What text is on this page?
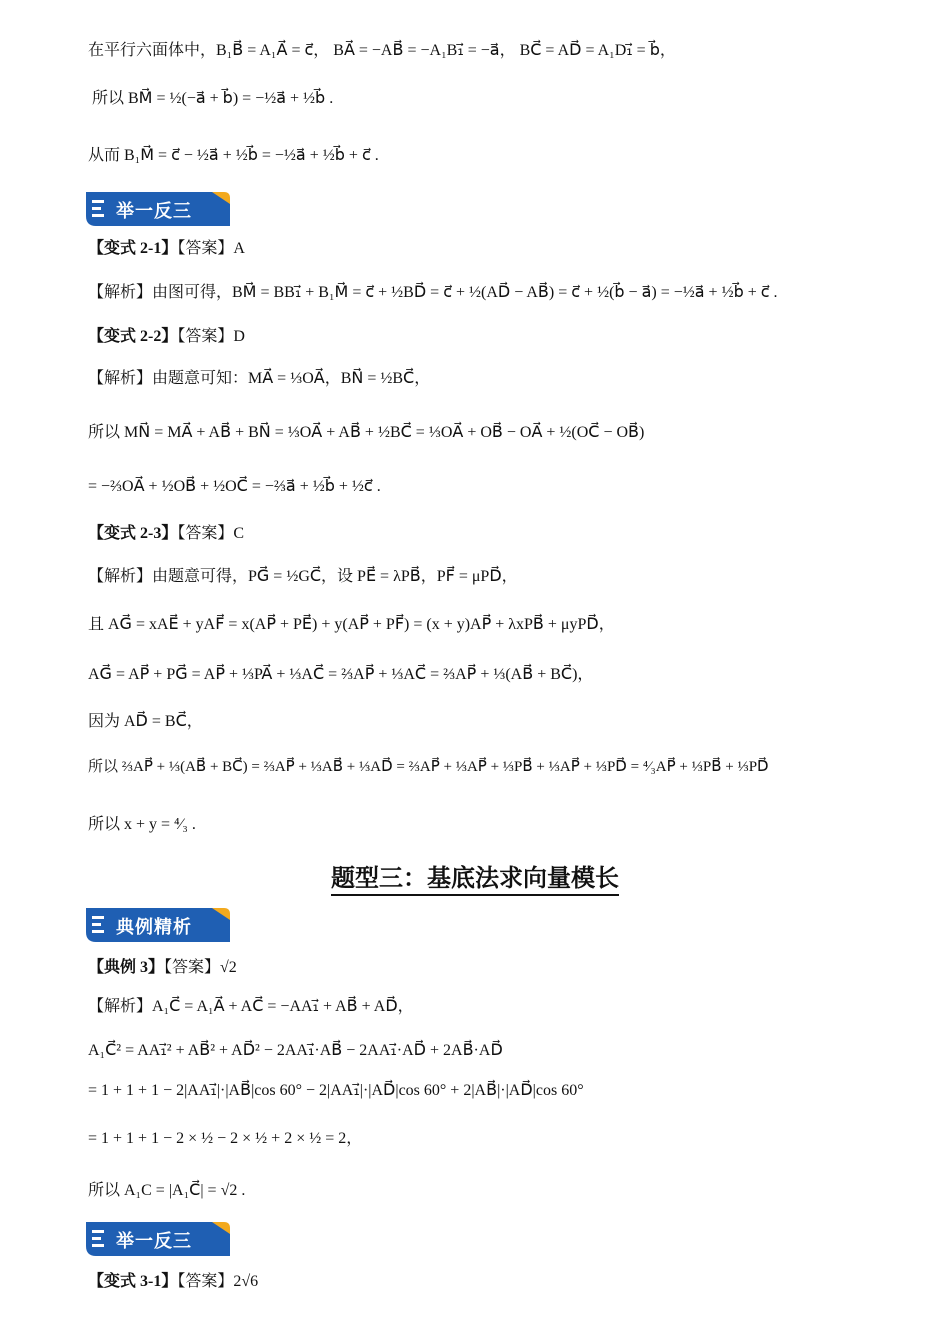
在平行六面体中，B₁B⃗ = A₁A⃗ = c⃗， BA⃗ = −AB⃗ = −A₁B₁⃗ = −a⃗， BC⃗ = AD⃗ = A₁D₁⃗ = b⃗，
所以 BM⃗ = ½(−a⃗ + b⃗) = −½a⃗ + ½b⃗ .
从而 B₁M⃗ = c⃗ − ½a⃗ + ½b⃗ = −½a⃗ + ½b⃗ + c⃗ .
举一反三
【变式 2-1】【答案】A
【解析】由图可得，BM⃗ = BB₁⃗ + B₁M⃗ = c⃗ + ½BD⃗ = c⃗ + ½(AD⃗ − AB⃗) = c⃗ + ½(b⃗ − a⃗) = −½a⃗ + ½b⃗ + c⃗ .
【变式 2-2】【答案】D
【解析】由题意可知：MA⃗ = ⅓OA⃗，BN⃗ = ½BC⃗，
所以 MN⃗ = MA⃗ + AB⃗ + BN⃗ = ⅓OA⃗ + AB⃗ + ½BC⃗ = ⅓OA⃗ + OB⃗ − OA⃗ + ½(OC⃗ − OB⃗)
= −⅔OA⃗ + ½OB⃗ + ½OC⃗ = −⅔a⃗ + ½b⃗ + ½c⃗ .
【变式 2-3】【答案】C
【解析】由题意可得，PG⃗ = ½GC⃗，设 PE⃗ = λPB⃗，PF⃗ = μPD⃗，
且 AG⃗ = xAE⃗ + yAF⃗ = x(AP⃗ + PE⃗) + y(AP⃗ + PF⃗) = (x + y)AP⃗ + λxPB⃗ + μyPD⃗，
AG⃗ = AP⃗ + PG⃗ = AP⃗ + ⅓PA⃗ + ⅓AC⃗ = ⅔AP⃗ + ⅓AC⃗ = ⅔AP⃗ + ⅓(AB⃗ + BC⃗)，
因为 AD⃗ = BC⃗，
所以 ⅔AP⃗ + ⅓(AB⃗ + BC⃗) = ⅔AP⃗ + ⅓AB⃗ + ⅓AD⃗ = ⅔AP⃗ + ⅓AP⃗ + ⅓PB⃗ + ⅓AP⃗ + ⅓PD⃗ = ⁴⁄₃AP⃗ + ⅓PB⃗ + ⅓PD⃗
所以 x + y = ⁴⁄₃ .
题型三：基底法求向量模长
典例精析
【典例 3】【答案】√2
【解析】A₁C⃗ = A₁A⃗ + AC⃗ = −AA₁⃗ + AB⃗ + AD⃗，
A₁C⃗² = AA₁⃗² + AB⃗² + AD⃗² − 2AA₁⃗·AB⃗ − 2AA₁⃗·AD⃗ + 2AB⃗·AD⃗
= 1 + 1 + 1 − 2|AA₁⃗|·|AB⃗|cos 60° − 2|AA₁⃗|·|AD⃗|cos 60° + 2|AB⃗|·|AD⃗|cos 60°
= 1 + 1 + 1 − 2 × ½ − 2 × ½ + 2 × ½ = 2，
所以 A₁C = |A₁C⃗| = √2 .
举一反三
【变式 3-1】【答案】2√6
